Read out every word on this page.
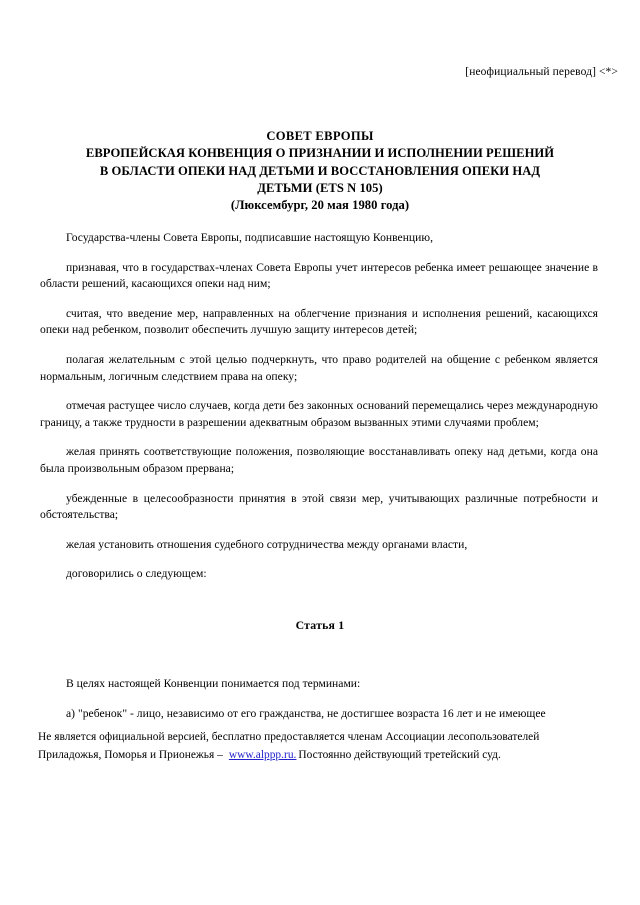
[неофициальный перевод] <*>
СОВЕТ ЕВРОПЫ
ЕВРОПЕЙСКАЯ КОНВЕНЦИЯ О ПРИЗНАНИИ И ИСПОЛНЕНИИ РЕШЕНИЙ
В ОБЛАСТИ ОПЕКИ НАД ДЕТЬМИ И ВОССТАНОВЛЕНИЯ ОПЕКИ НАД
ДЕТЬМИ (ETS N 105)
(Люксембург, 20 мая 1980 года)

Государства-члены Совета Европы, подписавшие настоящую Конвенцию,

признавая, что в государствах-членах Совета Европы учет интересов ребенка имеет решающее значение в области решений, касающихся опеки над ним;

считая, что введение мер, направленных на облегчение признания и исполнения решений, касающихся опеки над ребенком, позволит обеспечить лучшую защиту интересов детей;

полагая желательным с этой целью подчеркнуть, что право родителей на общение с ребенком является нормальным, логичным следствием права на опеку;

отмечая растущее число случаев, когда дети без законных оснований перемещались через международную границу, а также трудности в разрешении адекватным образом вызванных этими случаями проблем;

желая принять соответствующие положения, позволяющие восстанавливать опеку над детьми, когда она была произвольным образом прервана;

убежденные в целесообразности принятия в этой связи мер, учитывающих различные потребности и обстоятельства;

желая установить отношения судебного сотрудничества между органами власти,

договорились о следующем:

Статья 1

В целях настоящей Конвенции понимается под терминами:

а) "ребенок" - лицо, независимо от его гражданства, не достигшее возраста 16 лет и не имеющее

Не является официальной версией, бесплатно предоставляется членам Ассоциации лесопользователей
Приладожья, Поморья и Прионежья – www.alppp.ru. Постоянно действующий третейский суд.
